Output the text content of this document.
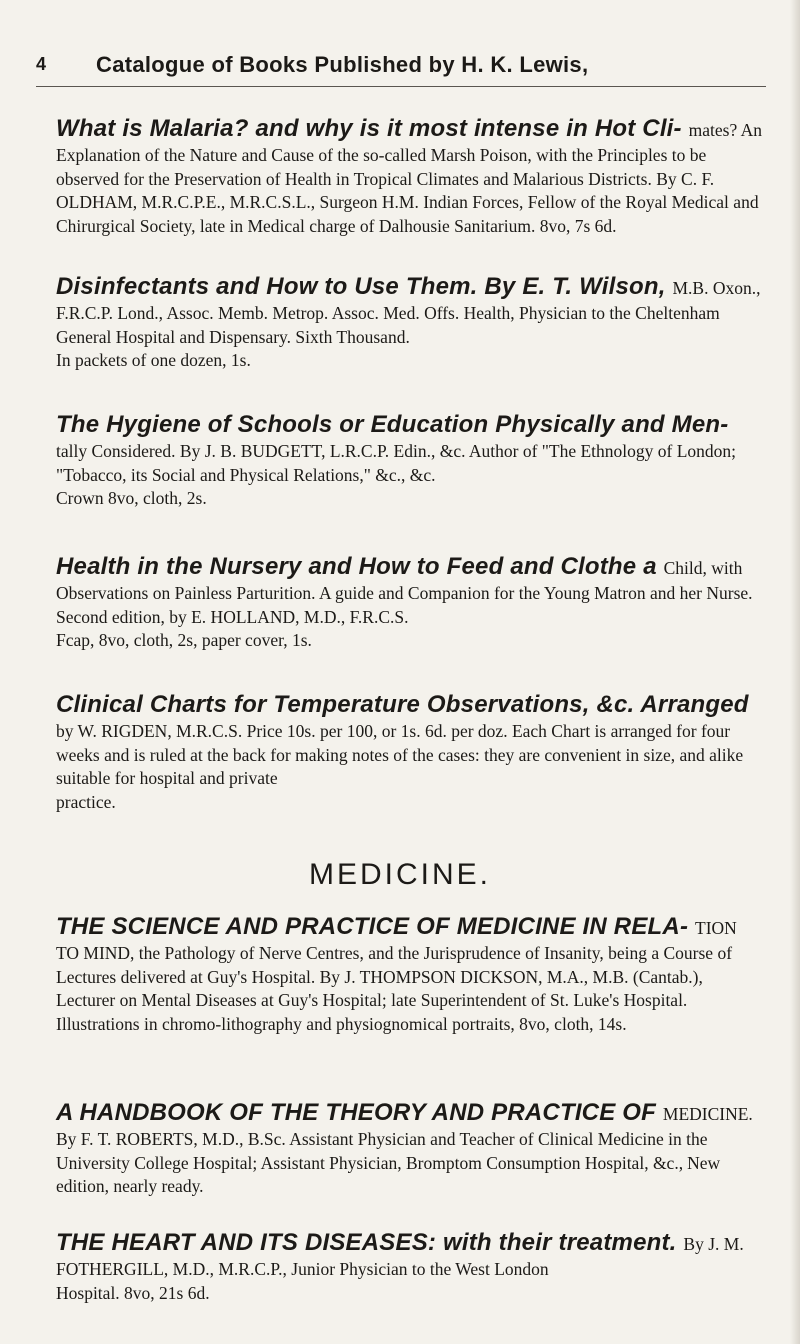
4 Catalogue of Books Published by H. K. Lewis,
What is Malaria? and why is it most intense in Hot Cli- mates? An Explanation of the Nature and Cause of the so-called Marsh Poison, with the Principles to be observed for the Preservation of Health in Tropical Climates and Malarious Districts. By C. F. OLDHAM, M.R.C.P.E., M.R.C.S.L., Surgeon H.M. Indian Forces, Fellow of the Royal Medical and Chirurgical Society, late in Medical charge of Dalhousie Sanitarium. 8vo, 7s 6d.
Disinfectants and How to Use Them. By E. T. Wilson, M.B. Oxon., F.R.C.P. Lond., Assoc. Memb. Metrop. Assoc. Med. Offs. Health, Physician to the Cheltenham General Hospital and Dispensary. Sixth Thousand.
In packets of one dozen, 1s.
The Hygiene of Schools or Education Physically and Men- tally Considered. By J. B. BUDGETT, L.R.C.P. Edin., &c. Author of "The Ethnology of London; "Tobacco, its Social and Physical Relations," &c., &c.
Crown 8vo, cloth, 2s.
Health in the Nursery and How to Feed and Clothe a Child, with Observations on Painless Parturition. A guide and Companion for the Young Matron and her Nurse. Second edition, by E. HOLLAND, M.D., F.R.C.S.
Fcap, 8vo, cloth, 2s, paper cover, 1s.
Clinical Charts for Temperature Observations, &c. Arranged by W. RIGDEN, M.R.C.S. Price 10s. per 100, or 1s. 6d. per doz. Each Chart is arranged for four weeks and is ruled at the back for making notes of the cases: they are convenient in size, and alike suitable for hospital and private
practice.
MEDICINE.
THE SCIENCE AND PRACTICE OF MEDICINE IN RELA- TION TO MIND, the Pathology of Nerve Centres, and the Jurisprudence of Insanity, being a Course of Lectures delivered at Guy's Hospital. By J. THOMPSON DICKSON, M.A., M.B. (Cantab.), Lecturer on Mental Diseases at Guy's Hospital; late Superintendent of St. Luke's Hospital. Illustrations in chromo-lithography and physiognomical portraits, 8vo, cloth, 14s.
A HANDBOOK OF THE THEORY AND PRACTICE OF MEDICINE. By F. T. ROBERTS, M.D., B.Sc. Assistant Physician and Teacher of Clinical Medicine in the University College Hospital; Assistant Physician, Bromptom Consumption Hospital, &c., New edition, nearly ready.
THE HEART AND ITS DISEASES: with their treatment. By J. M. FOTHERGILL, M.D., M.R.C.P., Junior Physician to the West London
Hospital. 8vo, 21s 6d.
